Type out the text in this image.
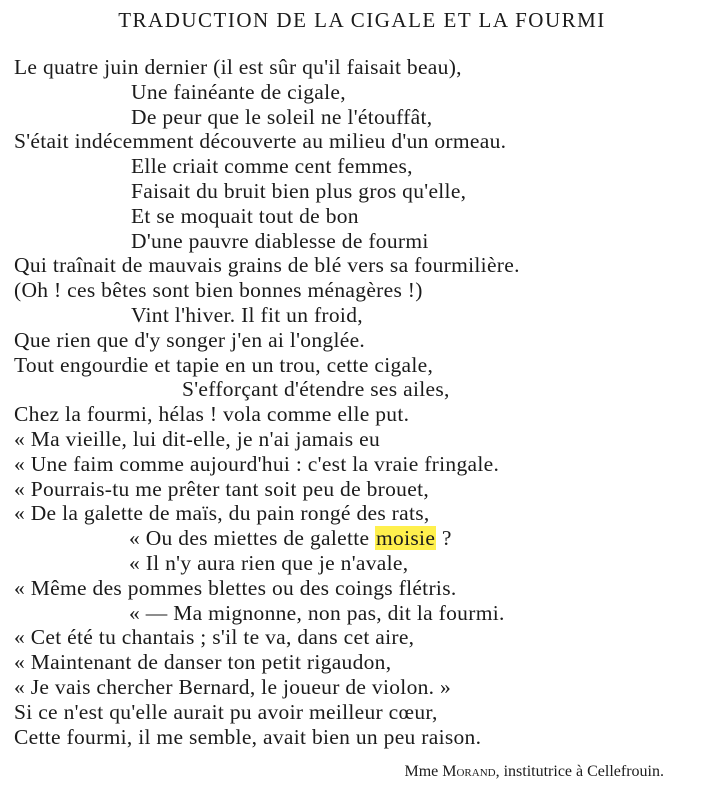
TRADUCTION DE LA CIGALE ET LA FOURMI
Le quatre juin dernier (il est sûr qu'il faisait beau),
Une fainéante de cigale,
De peur que le soleil ne l'étouffât,
S'était indécemment découverte au milieu d'un ormeau.
Elle criait comme cent femmes,
Faisait du bruit bien plus gros qu'elle,
Et se moquait tout de bon
D'une pauvre diablesse de fourmi
Qui traînait de mauvais grains de blé vers sa fourmilière.
(Oh ! ces bêtes sont bien bonnes ménagères !)
Vint l'hiver. Il fit un froid,
Que rien que d'y songer j'en ai l'onglée.
Tout engourdie et tapie en un trou, cette cigale,
S'efforçant d'étendre ses ailes,
Chez la fourmi, hélas ! vola comme elle put.
« Ma vieille, lui dit-elle, je n'ai jamais eu
« Une faim comme aujourd'hui : c'est la vraie fringale.
« Pourrais-tu me prêter tant soit peu de brouet,
« De la galette de maïs, du pain rongé des rats,
« Ou des miettes de galette moisie ?
« Il n'y aura rien que je n'avale,
« Même des pommes blettes ou des coings flétris.
« — Ma mignonne, non pas, dit la fourmi.
« Cet été tu chantais ; s'il te va, dans cet aire,
« Maintenant de danser ton petit rigaudon,
« Je vais chercher Bernard, le joueur de violon. »
Si ce n'est qu'elle aurait pu avoir meilleur cœur,
Cette fourmi, il me semble, avait bien un peu raison.
Mme Morand, institutrice à Cellefrouin.
